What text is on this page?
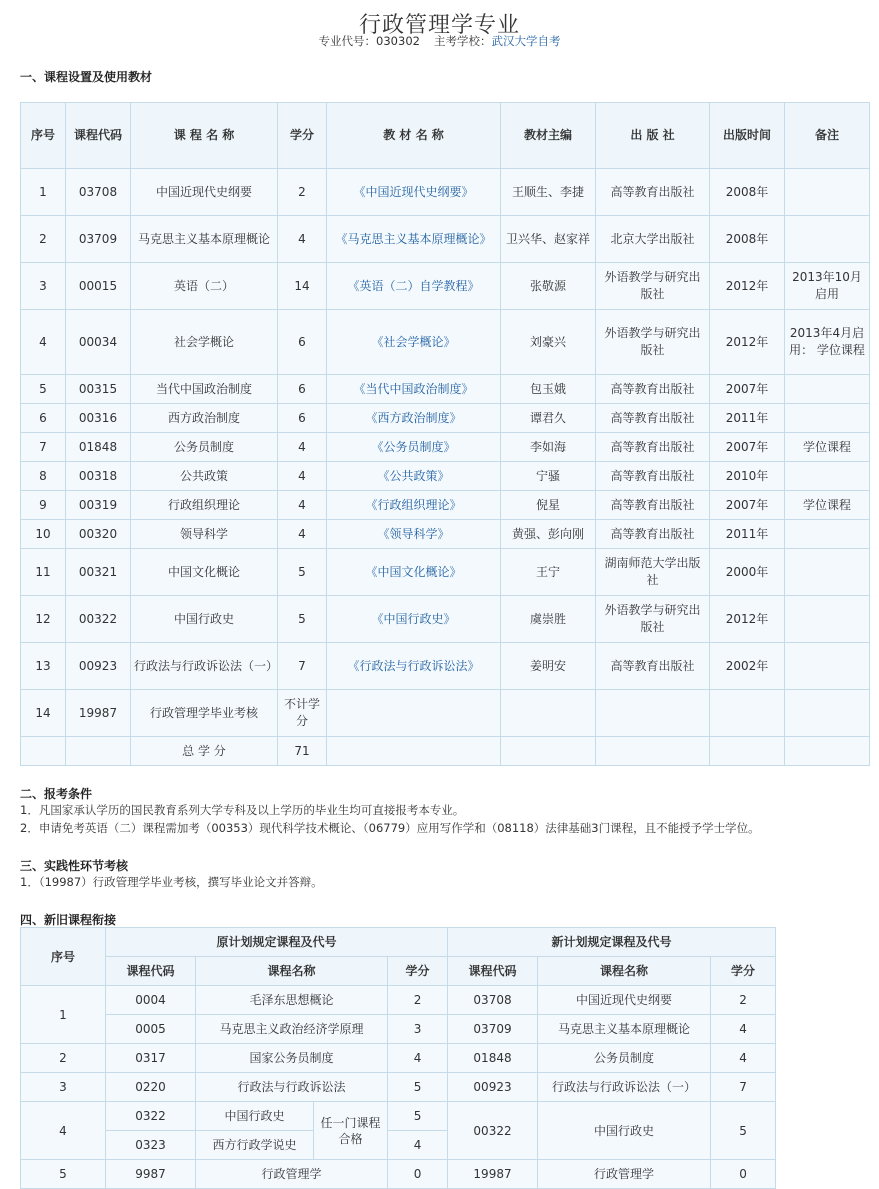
行政管理学专业
专业代号：030302 主考学校：武汉大学自考
一、课程设置及使用教材
序号	课程代码	课 程 名 称	学分	教 材 名 称	教材主编	出 版 社	出版时间	备注
1	03708	中国近现代史纲要	2	《中国近现代史纲要》	王顺生、李捷	高等教育出版社	2008年	
2	03709	马克思主义基本原理概论	4	《马克思主义基本原理概论》	卫兴华、赵家祥	北京大学出版社	2008年	
3	00015	英语（二）	14	《英语（二）自学教程》	张敬源	外语教学与研究出版社	2012年	2013年10月启用
4	00034	社会学概论	6	《社会学概论》	刘豪兴	外语教学与研究出版社	2012年	2013年4月启用： 学位课程
5	00315	当代中国政治制度	6	《当代中国政治制度》	包玉娥	高等教育出版社	2007年	
6	00316	西方政治制度	6	《西方政治制度》	谭君久	高等教育出版社	2011年	
7	01848	公务员制度	4	《公务员制度》	李如海	高等教育出版社	2007年	学位课程
8	00318	公共政策	4	《公共政策》	宁骚	高等教育出版社	2010年	
9	00319	行政组织理论	4	《行政组织理论》	倪星	高等教育出版社	2007年	学位课程
10	00320	领导科学	4	《领导科学》	黄强、彭向刚	高等教育出版社	2011年	
11	00321	中国文化概论	5	《中国文化概论》	王宁	湖南师范大学出版社	2000年	
12	00322	中国行政史	5	《中国行政史》	虞崇胜	外语教学与研究出版社	2012年	
13	00923	行政法与行政诉讼法（一）	7	《行政法与行政诉讼法》	姜明安	高等教育出版社	2002年	
14	19987	行政管理学毕业考核	不计学分					
		总 学 分	71					
二、报考条件
1．凡国家承认学历的国民教育系列大学专科及以上学历的毕业生均可直接报考本专业。
2．申请免考英语（二）课程需加考（00353）现代科学技术概论、（06779）应用写作学和（08118）法律基础3门课程，且不能授予学士学位。
三、实践性环节考核
1．（19987）行政管理学毕业考核，撰写毕业论文并答辩。
四、新旧课程衔接
序号	原计划规定课程及代号				新计划规定课程及代号		
	课程代码	课程名称		学分	课程代码	课程名称	学分
1	0004	毛泽东思想概论		2	03708	中国近现代史纲要	2
	0005	马克思主义政治经济学原理		3	03709	马克思主义基本原理概论	4
2	0317	国家公务员制度		4	01848	公务员制度	4
3	0220	行政法与行政诉讼法		5	00923	行政法与行政诉讼法（一）	7
4	0322	中国行政史	任一门课程合格	5	00322	中国行政史	5
	0323	西方行政学说史		4			
5	9987	行政管理学		0	19987	行政管理学	0
